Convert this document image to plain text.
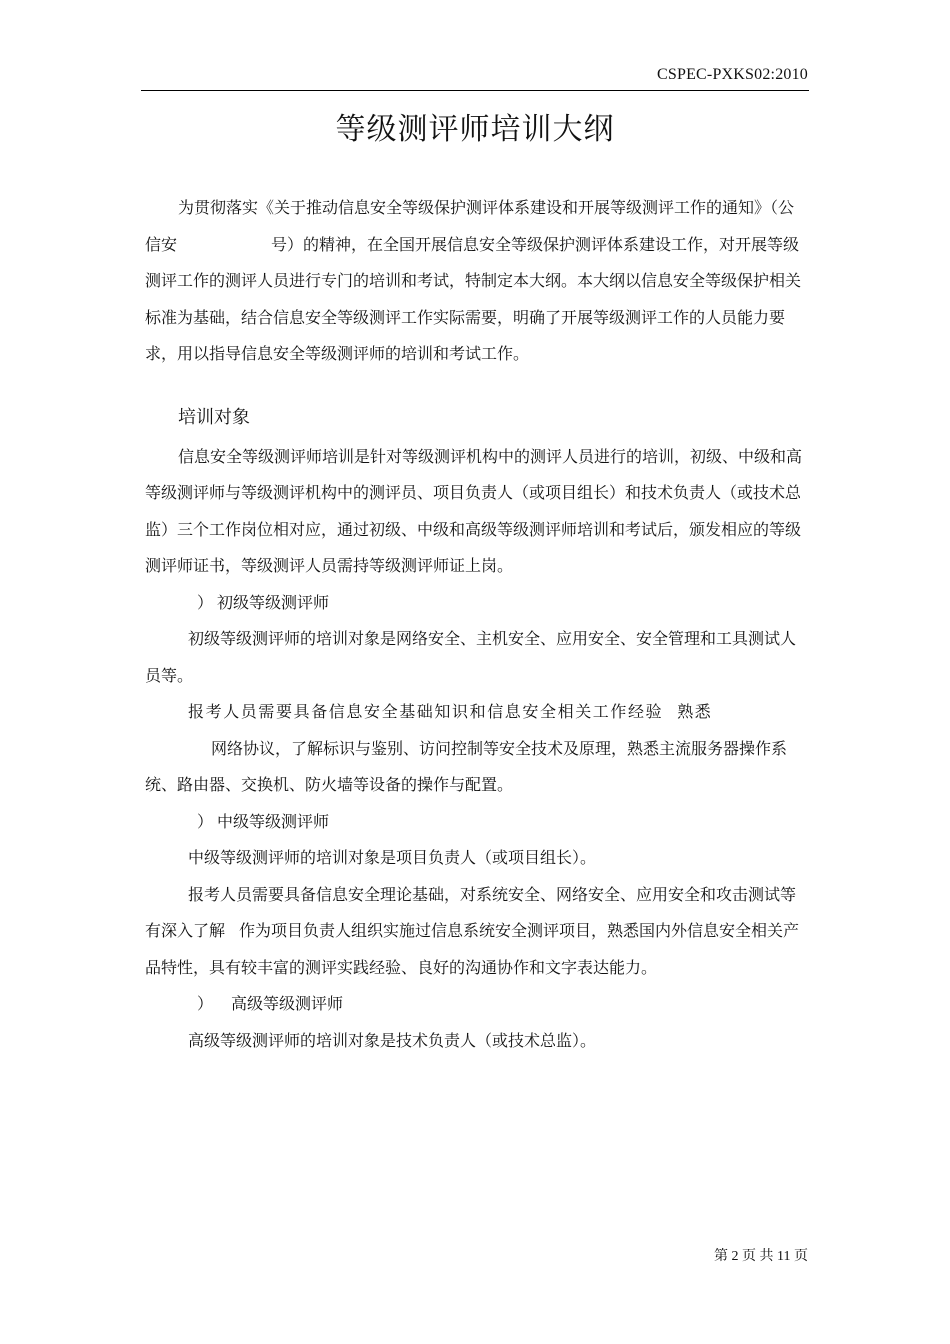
CSPEC-PXKS02:2010
等级测评师培训大纲

为贯彻落实《关于推动信息安全等级保护测评体系建设和开展等级测评工作的通知》（公信安	号）的精神，在全国开展信息安全等级保护测评体系建设工作，对开展等级测评工作的测评人员进行专门的培训和考试，特制定本大纲。本大纲以信息安全等级保护相关标准为基础，结合信息安全等级测评工作实际需要，明确了开展等级测评工作的人员能力要求，用以指导信息安全等级测评师的培训和考试工作。

培训对象

信息安全等级测评师培训是针对等级测评机构中的测评人员进行的培训，初级、中级和高等级测评师与等级测评机构中的测评员、项目负责人（或项目组长）和技术负责人（或技术总监）三个工作岗位相对应，通过初级、中级和高级等级测评师培训和考试后，颁发相应的等级测评师证书，等级测评人员需持等级测评师证上岗。

） 初级等级测评师

初级等级测评师的培训对象是网络安全、主机安全、应用安全、安全管理和工具测试人员等。

报考人员需要具备信息安全基础知识和信息安全相关工作经验 熟悉

网络协议，了解标识与鉴别、访问控制等安全技术及原理，熟悉主流服务器操作系统、路由器、交换机、防火墙等设备的操作与配置。

） 中级等级测评师

中级等级测评师的培训对象是项目负责人（或项目组长）。

报考人员需要具备信息安全理论基础，对系统安全、网络安全、应用安全和攻击测试等有深入了解 作为项目负责人组织实施过信息系统安全测评项目，熟悉国内外信息安全相关产品特性，具有较丰富的测评实践经验、良好的沟通协作和文字表达能力。

） 高级等级测评师

高级等级测评师的培训对象是技术负责人（或技术总监）。

第 2 页 共 11 页
